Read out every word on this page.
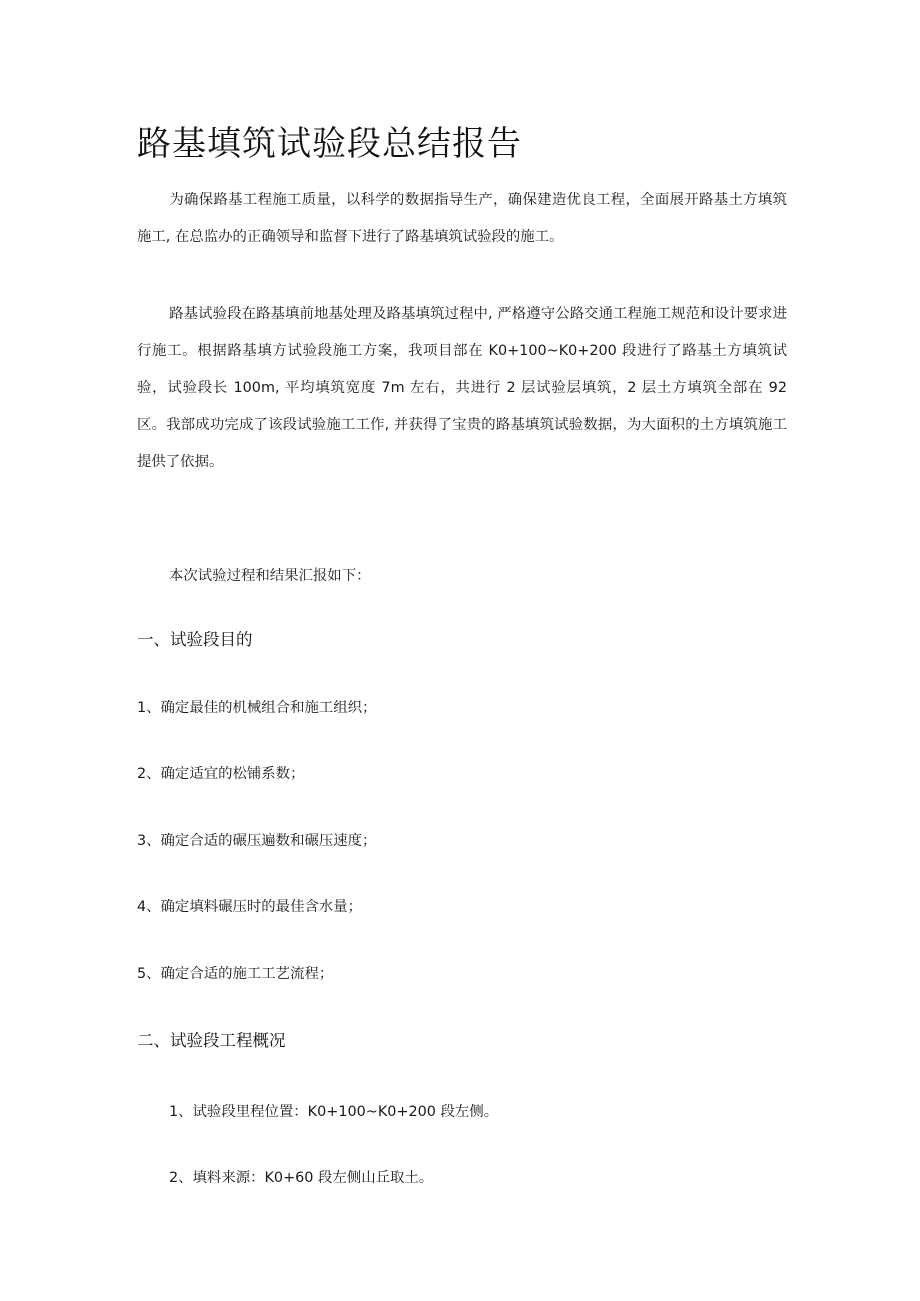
路基填筑试验段总结报告
为确保路基工程施工质量，以科学的数据指导生产，确保建造优良工程，全面展开路基土方填筑施工, 在总监办的正确领导和监督下进行了路基填筑试验段的施工。
路基试验段在路基填前地基处理及路基填筑过程中, 严格遵守公路交通工程施工规范和设计要求进行施工。根据路基填方试验段施工方案，我项目部在 K0+100~K0+200 段进行了路基土方填筑试验，试验段长 100m, 平均填筑宽度 7m 左右，共进行 2 层试验层填筑，2 层土方填筑全部在 92 区。我部成功完成了该段试验施工工作, 并获得了宝贵的路基填筑试验数据，为大面积的土方填筑施工提供了依据。
本次试验过程和结果汇报如下：
一、试验段目的
1、确定最佳的机械组合和施工组织；
2、确定适宜的松铺系数；
3、确定合适的碾压遍数和碾压速度；
4、确定填料碾压时的最佳含水量；
5、确定合适的施工工艺流程；
二、试验段工程概况
1、试验段里程位置：K0+100~K0+200 段左侧。
2、填料来源：K0+60 段左侧山丘取土。
